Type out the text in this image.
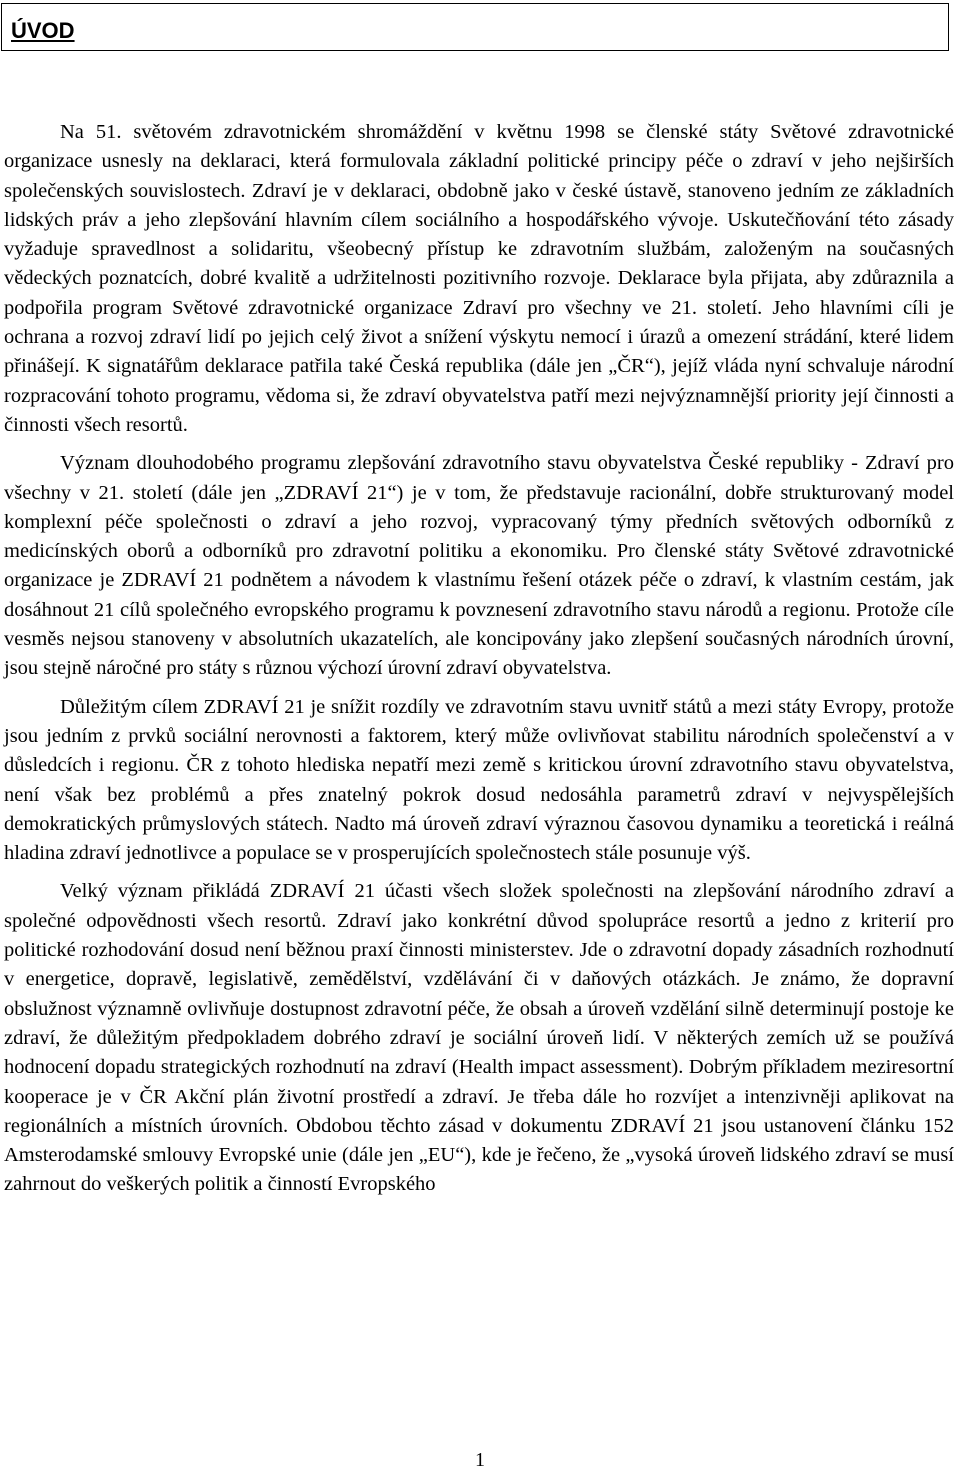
ÚVOD

Na 51. světovém zdravotnickém shromáždění v květnu 1998 se členské státy Světové zdravotnické organizace usnesly na deklaraci, která formulovala základní politické principy péče o zdraví v jeho nejširších společenských souvislostech. Zdraví je v deklaraci, obdobně jako v české ústavě, stanoveno jedním ze základních lidských práv a jeho zlepšování hlavním cílem sociálního a hospodářského vývoje. Uskutečňování této zásady vyžaduje spravedlnost a solidaritu, všeobecný přístup ke zdravotním službám, založeným na současných vědeckých poznatcích, dobré kvalitě a udržitelnosti pozitivního rozvoje. Deklarace byla přijata, aby zdůraznila a podpořila program Světové zdravotnické organizace Zdraví pro všechny ve 21. století. Jeho hlavními cíli je ochrana a rozvoj zdraví lidí po jejich celý život a snížení výskytu nemocí i úrazů a omezení strádání, které lidem přinášejí. K signatářům deklarace patřila také Česká republika (dále jen „ČR“), jejíž vláda nyní schvaluje národní rozpracování tohoto programu, vědoma si, že zdraví obyvatelstva patří mezi nejvýznamnější priority její činnosti a činnosti všech resortů.

Význam dlouhodobého programu zlepšování zdravotního stavu obyvatelstva České republiky - Zdraví pro všechny v 21. století (dále jen „ZDRAVÍ 21“) je v tom, že představuje racionální, dobře strukturovaný model komplexní péče společnosti o zdraví a jeho rozvoj, vypracovaný týmy předních světových odborníků z medicínských oborů a odborníků pro zdravotní politiku a ekonomiku. Pro členské státy Světové zdravotnické organizace je ZDRAVÍ 21 podnětem a návodem k vlastnímu řešení otázek péče o zdraví, k vlastním cestám, jak dosáhnout 21 cílů společného evropského programu k povznesení zdravotního stavu národů a regionu. Protože cíle vesměs nejsou stanoveny v absolutních ukazatelích, ale koncipovány jako zlepšení současných národních úrovní, jsou stejně náročné pro státy s různou výchozí úrovní zdraví obyvatelstva.

Důležitým cílem ZDRAVÍ 21 je snížit rozdíly ve zdravotním stavu uvnitř států a mezi státy Evropy, protože jsou jedním z prvků sociální nerovnosti a faktorem, který může ovlivňovat stabilitu národních společenství a v důsledcích i regionu. ČR z tohoto hlediska nepatří mezi země s kritickou úrovní zdravotního stavu obyvatelstva, není však bez problémů a přes znatelný pokrok dosud nedosáhla parametrů zdraví v nejvyspělejších demokratických průmyslových státech. Nadto má úroveň zdraví výraznou časovou dynamiku a teoretická i reálná hladina zdraví jednotlivce a populace se v prosperujících společnostech stále posunuje výš.

Velký význam přikládá ZDRAVÍ 21 účasti všech složek společnosti na zlepšování národního zdraví a společné odpovědnosti všech resortů. Zdraví jako konkrétní důvod spolupráce resortů a jedno z kriterií pro politické rozhodování dosud není běžnou praxí činnosti ministerstev. Jde o zdravotní dopady zásadních rozhodnutí v energetice, dopravě, legislativě, zemědělství, vzdělávání či v daňových otázkách. Je známo, že dopravní obslužnost významně ovlivňuje dostupnost zdravotní péče, že obsah a úroveň vzdělání silně determinují postoje ke zdraví, že důležitým předpokladem dobrého zdraví je sociální úroveň lidí. V některých zemích už se používá hodnocení dopadu strategických rozhodnutí na zdraví (Health impact assessment). Dobrým příkladem meziresortní kooperace je v ČR Akční plán životní prostředí a zdraví. Je třeba dále ho rozvíjet a intenzivněji aplikovat na regionálních a místních úrovních. Obdobou těchto zásad v dokumentu ZDRAVÍ 21 jsou ustanovení článku 152 Amsterodamské smlouvy Evropské unie (dále jen „EU“), kde je řečeno, že „vysoká úroveň lidského zdraví se musí zahrnout do veškerých politik a činností Evropského

1
